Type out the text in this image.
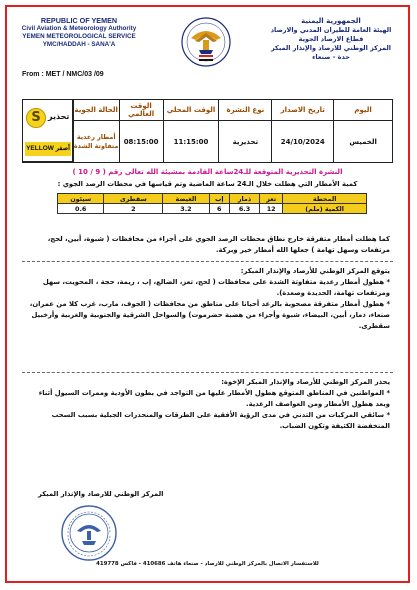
REPUBLIC OF YEMEN
Civil Aviation & Meteorology Authority
YEMEN METEOROLOGICAL SERVICE
YMC/HADDAH - SANA'A
From : MET / NMC/03 /09
الجمهورية اليمنية
الهيئة العامة للطيران المدني والارصاد
قطاع الارصاد الجوية
المركز الوطني للارصاد والإنذار المبكر
حدة - صنعاء
اليوم	تاريخ الاصدار	نوع النشرة	الوقت المحلي	الوقت العالمي	الحالة الجوية	
الخميس	24/10/2024	تحذيرية	11:15:00	08:15:00	أمطار رعدية متفاوتة الشدة	
S تحذير
YELLOW أصفر
النشرة التحذيرية المتوقعة للـ24ساعة القادمة بمشيئة الله تعالى رقم ( 9 / 10 )
كمية الأمطار التي هطلت خلال الـ24 ساعة الماضية وتم قياسها في محطات الرصد الجوي :
المحطة	تعز	ذمار	إب	الغيضة	سقطرى	سيئون
الكمية (ملم)	12	6.3	6	3.2	2	0.6
كما هطلت أمطار متفرقة خارج نطاق محطات الرصد الجوي على أجزاء من محافظات ( شبوة، أبين، لحج، مرتفعات وسهل تهامة ) جعلها الله أمطار خير وبركة.
يتوقع المركز الوطني للأرصاد والإنذار المبكر:
* هطول أمطار رعدية متفاوتة الشدة على محافظات ( لحج، تعز، الضالع، إب ، ريمة، حجة ، المحويت، سهل ومرتفعات تهامة، الحديدة وصعدة).
* هطول أمطار متفرقة مصحوبة بالرعد أحيانا على مناطق من محافظات ( الجوف، مارب، غرب كلا من عمران، صنعاء، ذمار، أبين، البيضاء، شبوة وأجزاء من هضبة حضرموت) والسواحل الشرقية والجنوبية والغربية وأرخبيل سقطرى.
يحذر المركز الوطني للأرصاد والإنذار المبكر الإخوة:
* المواطنين في المناطق المتوقع هطول الأمطار عليها من التواجد في بطون الأودية وممرات السيول أثناء وبعد هطول الأمطار ومن العواصف الرعدية.
* سائقي المركبات من التدني في مدى الرؤية الأفقية على الطرقات والمنحدرات الجبلية بسبب السحب المنخفضة الكثيفة وتكون الضباب.
المركز الوطني للارصاد والإنذار المبكر
للاستفسار الاتصال بالمركز الوطني للارصاد - صنعاء هاتف 410686 - فاكس 419778
